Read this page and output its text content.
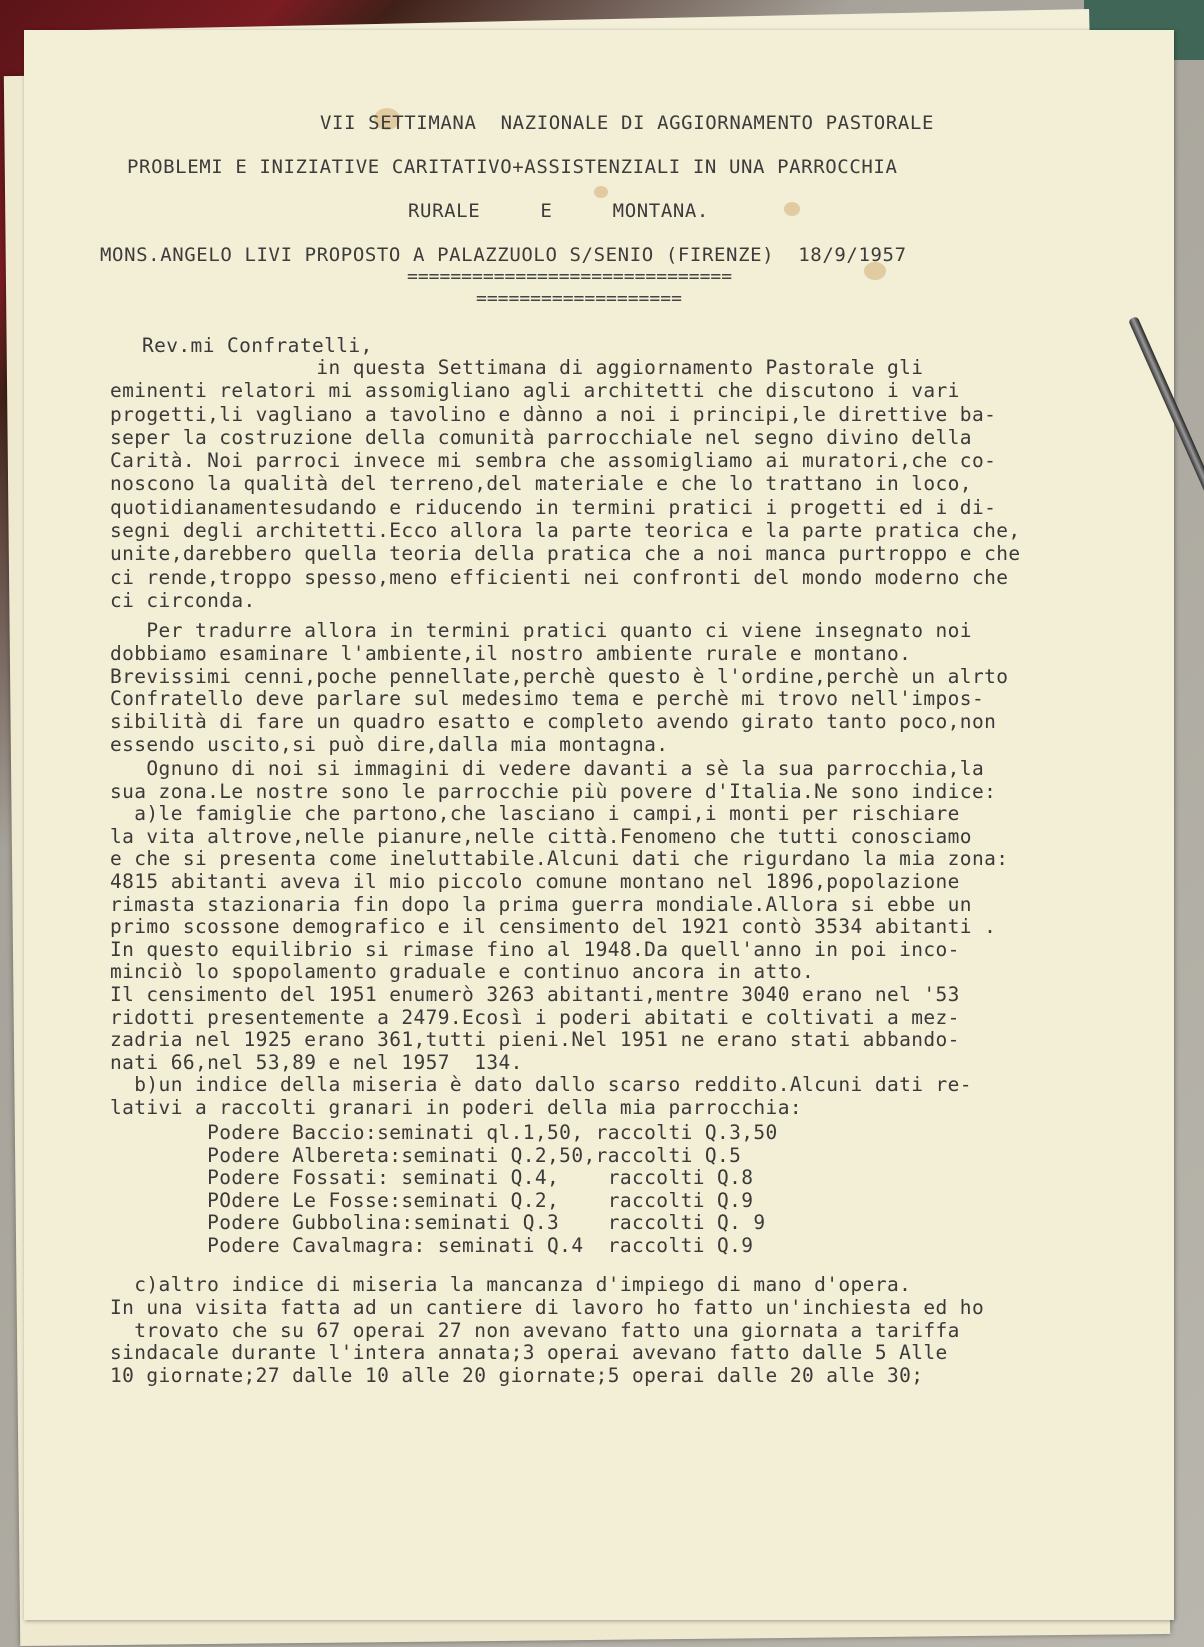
VII SETTIMANA  NAZIONALE DI AGGIORNAMENTO PASTORALE
PROBLEMI E INIZIATIVE CARITATIVO+ASSISTENZIALI IN UNA PARROCCHIA
RURALE     E     MONTANA.
MONS.ANGELO LIVI PROPOSTO A PALAZZUOLO S/SENIO (FIRENZE)  18/9/1957
==============================
===================
Rev.mi Confratelli,
in questa Settimana di aggiornamento Pastorale gli
eminenti relatori mi assomigliano agli architetti che discutono i vari
progetti,li vagliano a tavolino e dànno a noi i principi,le direttive ba-
seper la costruzione della comunità parrocchiale nel segno divino della
Carità. Noi parroci invece mi sembra che assomigliamo ai muratori,che co-
noscono la qualità del terreno,del materiale e che lo trattano in loco,
quotidianamentesudando e riducendo in termini pratici i progetti ed i di-
segni degli architetti.Ecco allora la parte teorica e la parte pratica che,
unite,darebbero quella teoria della pratica che a noi manca purtroppo e che
ci rende,troppo spesso,meno efficienti nei confronti del mondo moderno che
ci circonda.
Per tradurre allora in termini pratici quanto ci viene insegnato noi
dobbiamo esaminare l'ambiente,il nostro ambiente rurale e montano.
Brevissimi cenni,poche pennellate,perchè questo è l'ordine,perchè un alrto
Confratello deve parlare sul medesimo tema e perchè mi trovo nell'impos-
sibilità di fare un quadro esatto e completo avendo girato tanto poco,non
essendo uscito,si può dire,dalla mia montagna.
Ognuno di noi si immagini di vedere davanti a sè la sua parrocchia,la
sua zona.Le nostre sono le parrocchie più povere d'Italia.Ne sono indice:
a)le famiglie che partono,che lasciano i campi,i monti per rischiare
la vita altrove,nelle pianure,nelle città.Fenomeno che tutti conosciamo
e che si presenta come ineluttabile.Alcuni dati che rigurdano la mia zona:
4815 abitanti aveva il mio piccolo comune montano nel 1896,popolazione
rimasta stazionaria fin dopo la prima guerra mondiale.Allora si ebbe un
primo scossone demografico e il censimento del 1921 contò 3534 abitanti .
In questo equilibrio si rimase fino al 1948.Da quell'anno in poi inco-
minciò lo spopolamento graduale e continuo ancora in atto.
Il censimento del 1951 enumerò 3263 abitanti,mentre 3040 erano nel '53
ridotti presentemente a 2479.Ecosì i poderi abitati e coltivati a mez-
zadria nel 1925 erano 361,tutti pieni.Nel 1951 ne erano stati abbando-
nati 66,nel 53,89 e nel 1957  134.
b)un indice della miseria è dato dallo scarso reddito.Alcuni dati re-
lativi a raccolti granari in poderi della mia parrocchia:
Podere Baccio:seminati ql.1,50, raccolti Q.3,50
Podere Albereta:seminati Q.2,50,raccolti Q.5
Podere Fossati: seminati Q.4,    raccolti Q.8
POdere Le Fosse:seminati Q.2,    raccolti Q.9
Podere Gubbolina:seminati Q.3    raccolti Q. 9
Podere Cavalmagra: seminati Q.4  raccolti Q.9
c)altro indice di miseria la mancanza d'impiego di mano d'opera.
In una visita fatta ad un cantiere di lavoro ho fatto un'inchiesta ed ho
trovato che su 67 operai 27 non avevano fatto una giornata a tariffa
sindacale durante l'intera annata;3 operai avevano fatto dalle 5 Alle
10 giornate;27 dalle 10 alle 20 giornate;5 operai dalle 20 alle 30;
